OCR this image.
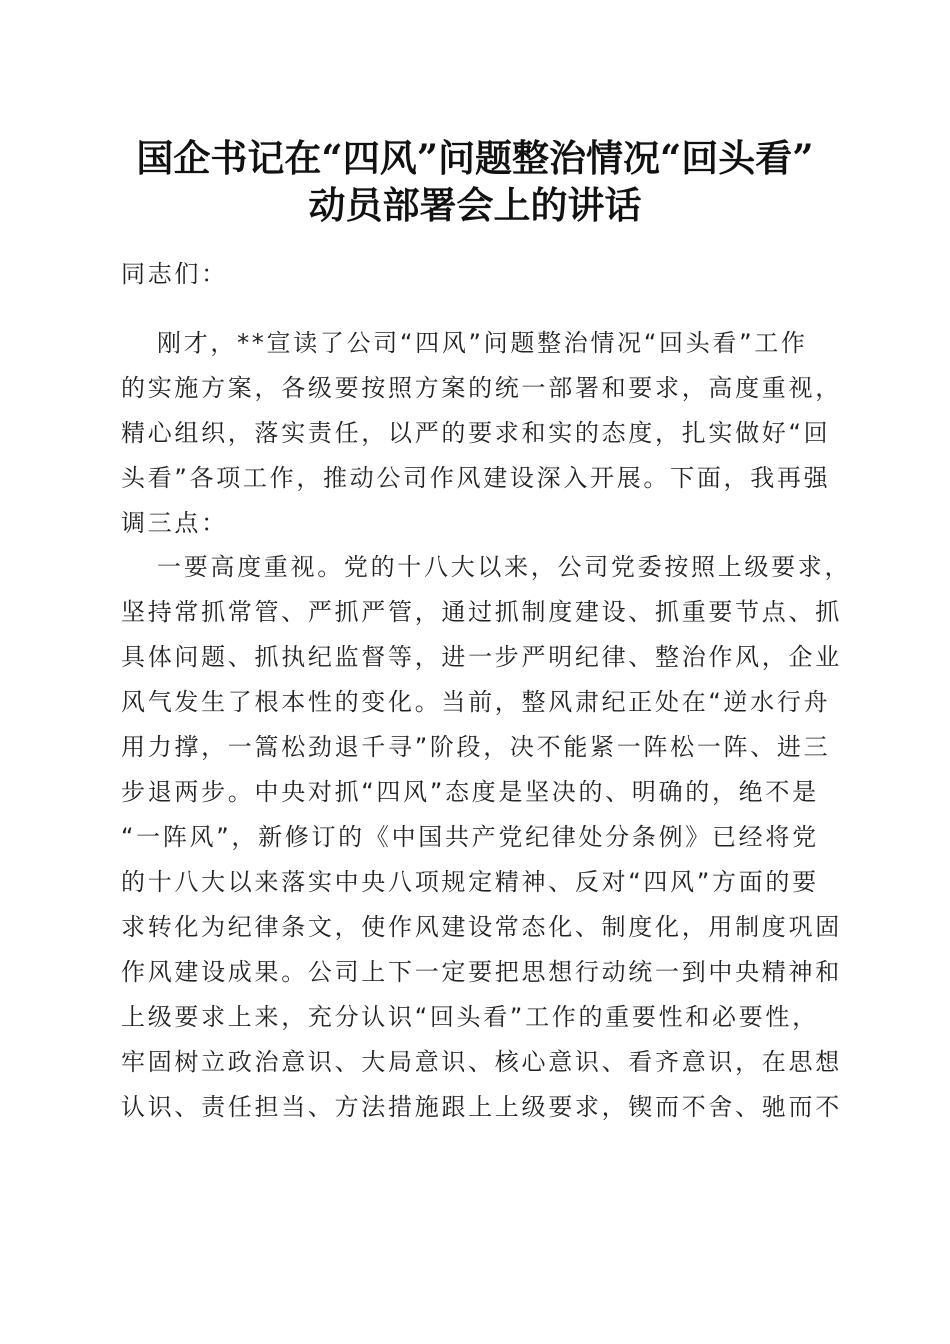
国企书记在“四风”问题整治情况“回头看”
动员部署会上的讲话
同志们：
刚才，**宣读了公司“四风”问题整治情况“回头看”工作
的实施方案，各级要按照方案的统一部署和要求，高度重视，
精心组织，落实责任，以严的要求和实的态度，扎实做好“回
头看”各项工作，推动公司作风建设深入开展。下面，我再强
调三点：
一要高度重视。党的十八大以来，公司党委按照上级要求，
坚持常抓常管、严抓严管，通过抓制度建设、抓重要节点、抓
具体问题、抓执纪监督等，进一步严明纪律、整治作风，企业
风气发生了根本性的变化。当前，整风肃纪正处在“逆水行舟
用力撑，一篙松劲退千寻”阶段，决不能紧一阵松一阵、进三
步退两步。中央对抓“四风”态度是坚决的、明确的，绝不是
“一阵风”，新修订的《中国共产党纪律处分条例》已经将党
的十八大以来落实中央八项规定精神、反对“四风”方面的要
求转化为纪律条文，使作风建设常态化、制度化，用制度巩固
作风建设成果。公司上下一定要把思想行动统一到中央精神和
上级要求上来，充分认识“回头看”工作的重要性和必要性，
牢固树立政治意识、大局意识、核心意识、看齐意识，在思想
认识、责任担当、方法措施跟上上级要求，锲而不舍、驰而不
